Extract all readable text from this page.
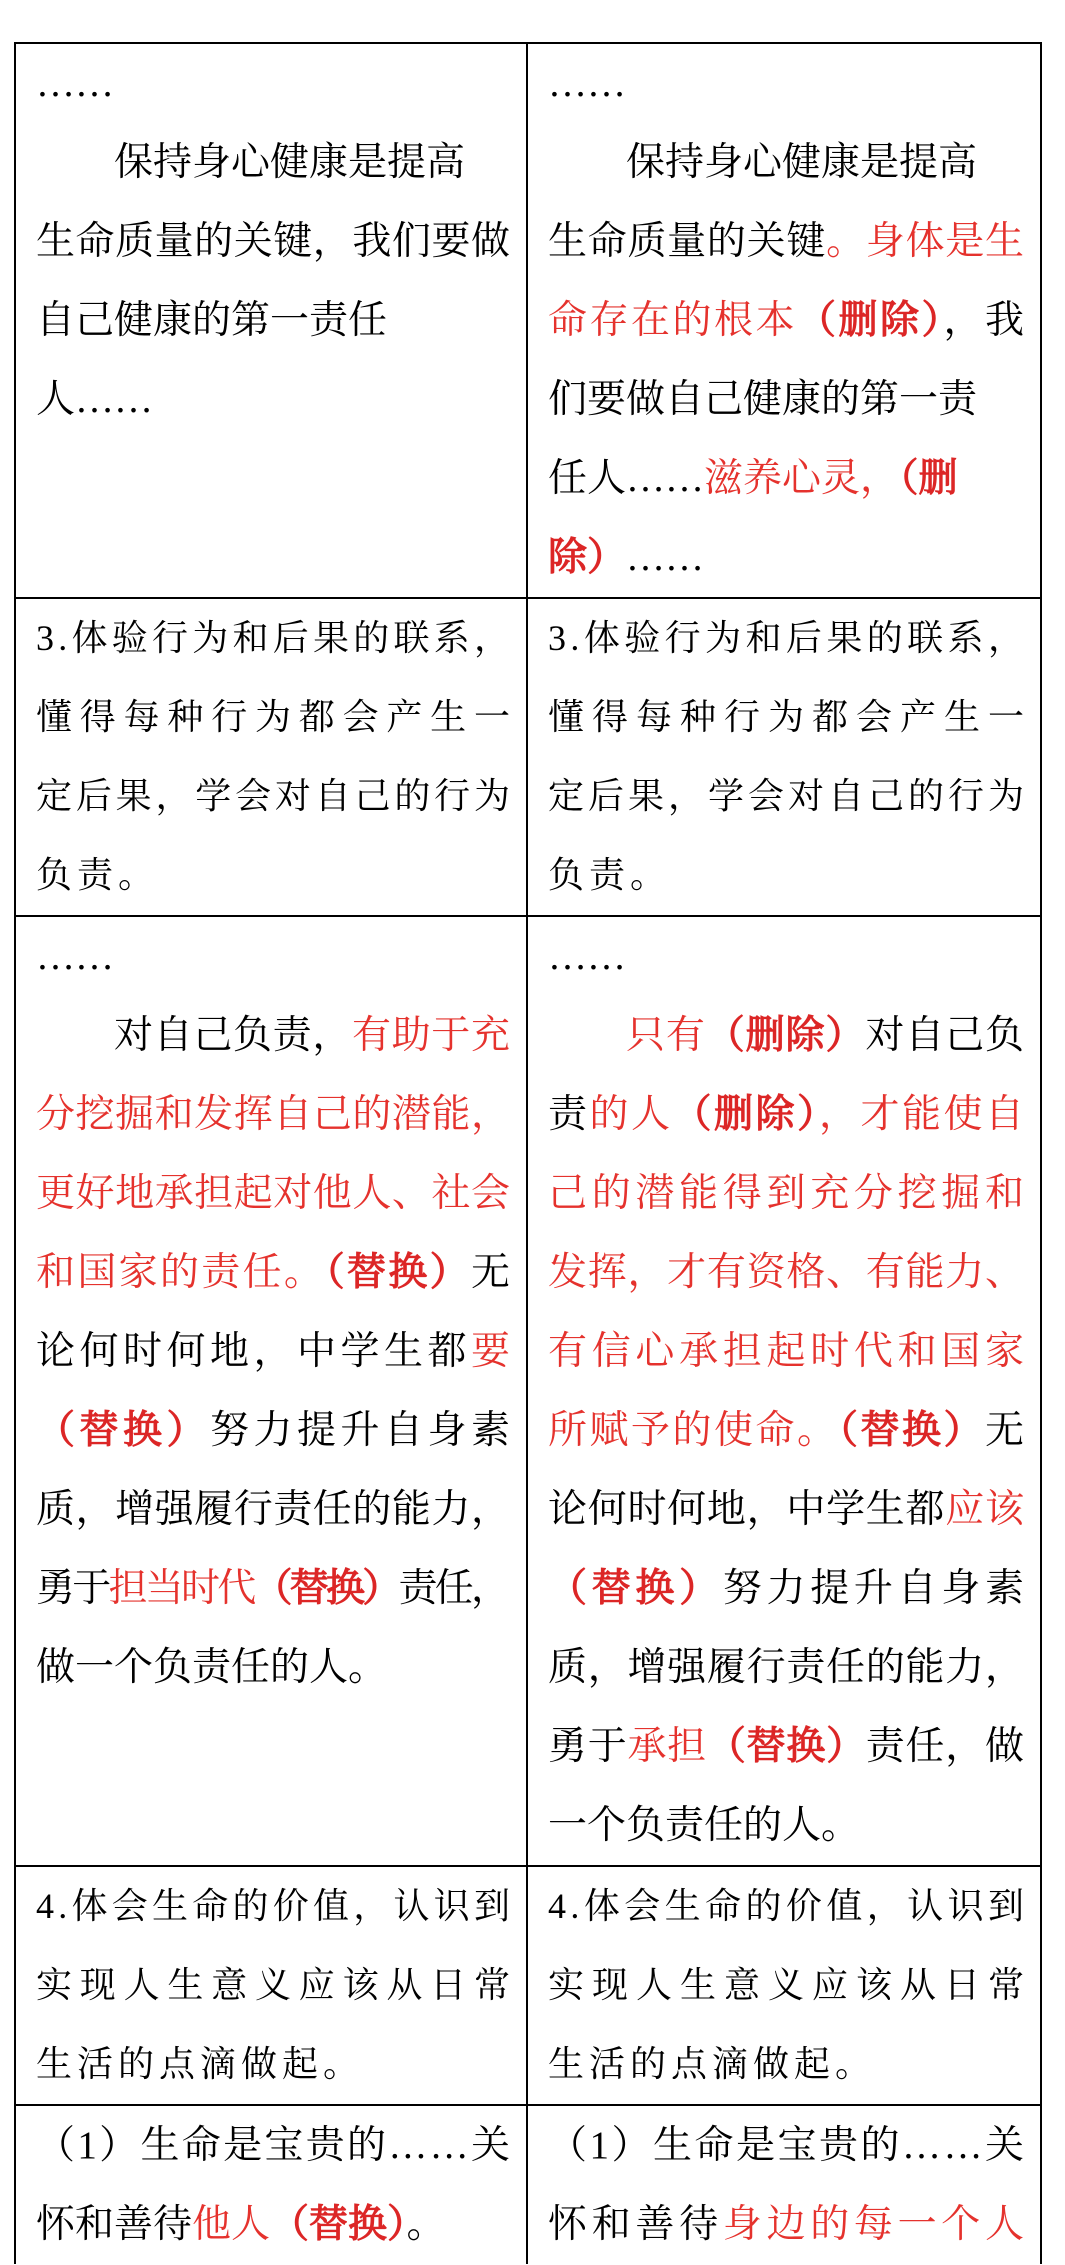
……
保持身心健康是提高
生命质量的关键，我们要做
自己健康的第一责任
人……
……
保持身心健康是提高
生命质量的关键。身体是生
命存在的根本（删除），我
们要做自己健康的第一责
任人……滋养心灵，（删
除）……
3.体验行为和后果的联系，
懂得每种行为都会产生一
定后果，学会对自己的行为
负责。
3.体验行为和后果的联系，
懂得每种行为都会产生一
定后果，学会对自己的行为
负责。
……
对自己负责，有助于充
分挖掘和发挥自己的潜能，
更好地承担起对他人、社会
和国家的责任。（替换）无
论何时何地，中学生都要
（替换）努力提升自身素
质，增强履行责任的能力，
勇于担当时代（替换）责任，
做一个负责任的人。
……
只有（删除）对自己负
责的人（删除），才能使自
己的潜能得到充分挖掘和
发挥，才有资格、有能力、
有信心承担起时代和国家
所赋予的使命。（替换）无
论何时何地，中学生都应该
（替换）努力提升自身素
质，增强履行责任的能力，
勇于承担（替换）责任，做
一个负责任的人。
4.体会生命的价值，认识到
实现人生意义应该从日常
生活的点滴做起。
4.体会生命的价值，认识到
实现人生意义应该从日常
生活的点滴做起。
（1）生命是宝贵的……关
怀和善待他人（替换）。
（1）生命是宝贵的……关
怀和善待身边的每一个人
